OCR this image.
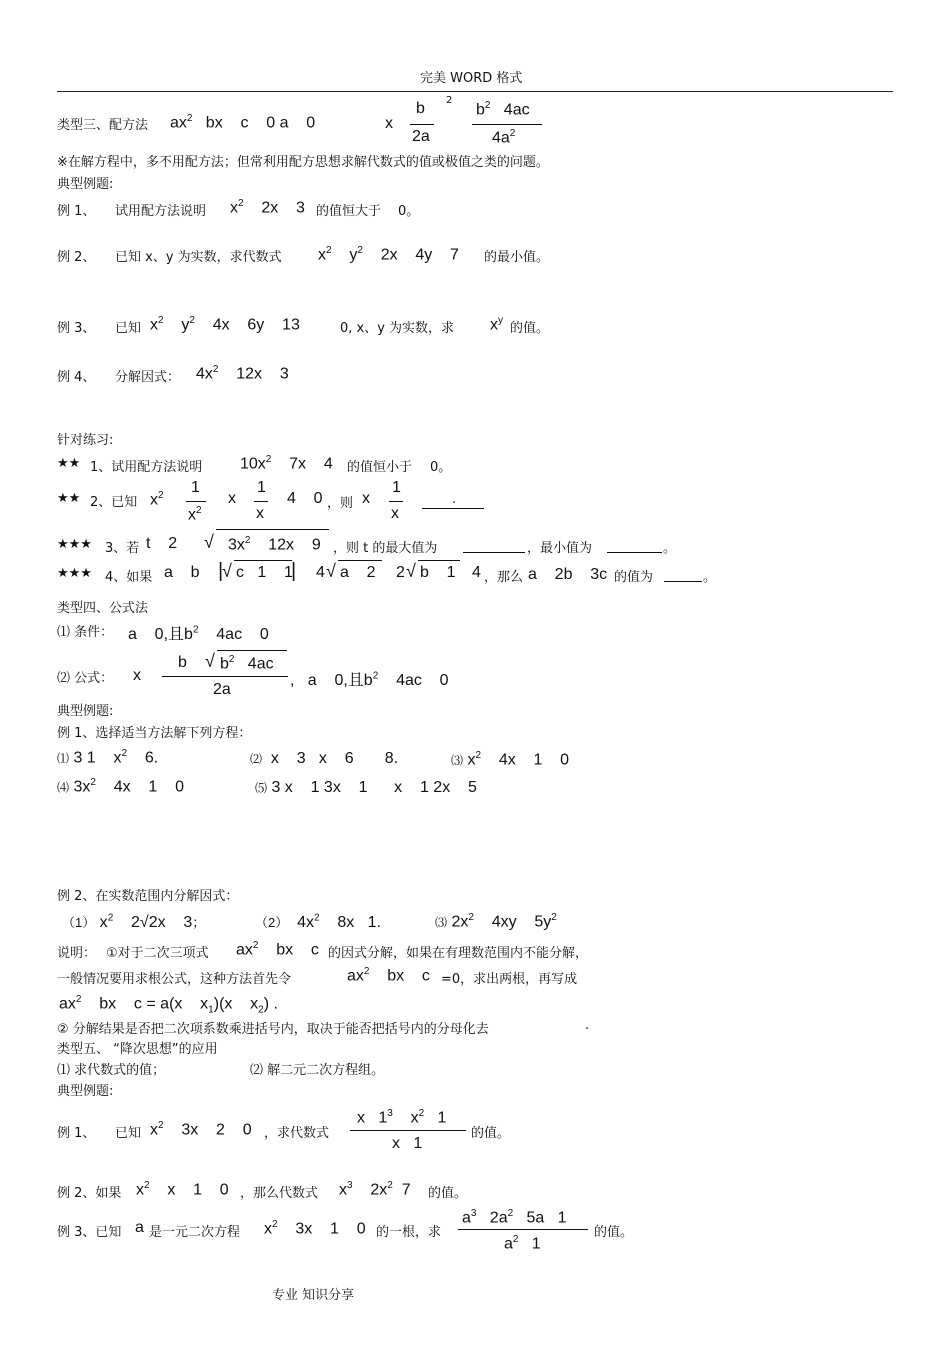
完美 WORD 格式
类型三、配方法 $ax^2$   bx    c    0 a    0	x
b
2a
2
$b^2$   4ac
$4a^2$
※在解方程中，多不用配方法；但常利用配方思想求解代数式的值或极值之类的问题。
典型例题:
例 1、 试用配方法说明 $x^2$    2x    3 的值恒大于 0。
例 2、 已知 x、y 为实数，求代数式 $x^2$    $y^2$    2x    4y    7 的最小值。
例 3、 已知 $x^2$    $y^2$    4x    6y    13	0, x、y 为实数，求 $x^y$
的值。
例 4、 分解因式： $4x^2$    12x    3
针对练习:
★★ 1、试用配方法说明 $10x^2$    7x    4 的值恒小于 0。
★★ 2、已知 $x^2$ 1
$x^2$
x
1
x
4    0 ，则 x
1
x
.
★★★ 3、若 t    2 √ $3x^2$    12x    9 ，则 t 的最大值为	，最小值为	。
★★★ 4、如果 a    b |
√ c   1    1
| 4 √ a    2 2 √ b    1 4 ，那么 a    2b    3c 的值为	。
类型四、公式法
⑴ 条件： a    0,且$b^2$    4ac    0
⑵ 公式： x
b √ $b^2$   4ac
2a
,   a    0,且$b^2$    4ac    0
典型例题:
例 1、选择适当方法解下列方程：
⑴ 3 1    $x^2$    6.	⑵  x    3   x    6       8.	⑶ $x^2$    4x    1    0
⑷ $3x^2$    4x    1    0	⑸ 3 x    1 3x    1      x    1 2x    5
例 2、在实数范围内分解因式：
（1） $x^2$    2√2x    3；	（2）  $4x^2$    8x   1.	⑶ $2x^2$    4xy    $5y^2$
说明： ①对于二次三项式 $ax^2$    bx    c 的因式分解，如果在有理数范围内不能分解，
一般情况要用求根公式，这种方法首先令	$ax^2$    bx    c =0，求出两根，再写成
$ax^2$    bx    c = a(x    $x_1)(x$    $x_2$) .
② 分解结果是否把二次项系数乘进括号内，取决于能否把括号内的分母化去	.
类型五、 “降次思想”的应用
⑴ 求代数式的值；	⑵ 解二元二次方程组。
典型例题:
例 1、 已知 $x^2$    3x    2    0 ，求代数式
x   $1^3$    $x^2$   1
x   1
的值。
例 2、如果 $x^2$    x    1    0 ，那么代数式 $x^3$    $2x^2$  7 的值。
例 3、已知 a 是一元二次方程 $x^2$    3x    1    0 的一根，求
$a^3$   $2a^2$   5a   1
$a^2$   1
的值。
专业 知识分享
